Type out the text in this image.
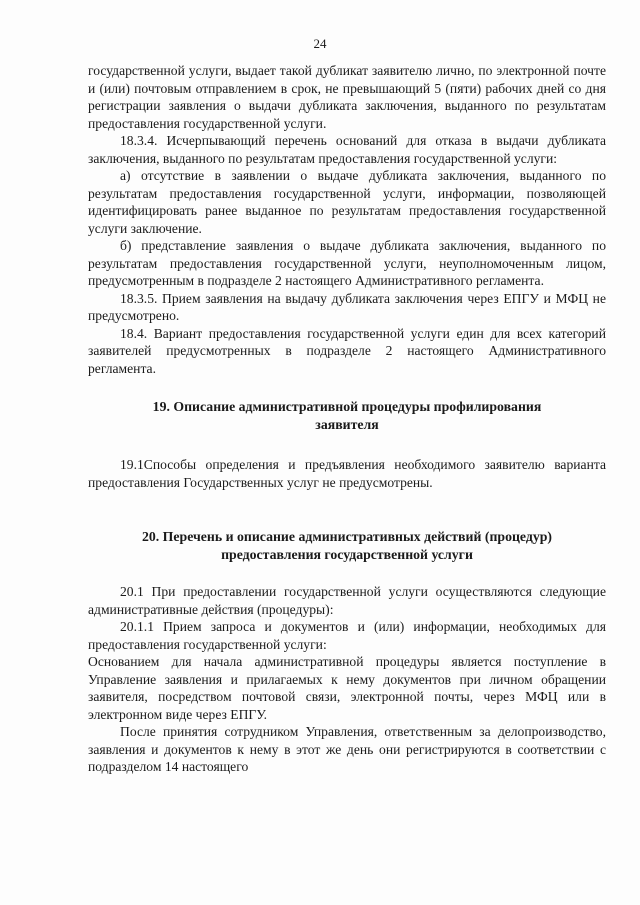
24

государственной услуги, выдает такой дубликат заявителю лично, по электронной почте и (или) почтовым отправлением в срок, не превышающий 5 (пяти) рабочих дней со дня регистрации заявления о выдачи дубликата заключения, выданного по результатам предоставления государственной услуги.

18.3.4. Исчерпывающий перечень оснований для отказа в выдачи дубликата заключения, выданного по результатам предоставления государственной услуги:

а) отсутствие в заявлении о выдаче дубликата заключения, выданного по результатам предоставления государственной услуги, информации, позволяющей идентифицировать ранее выданное по результатам предоставления государственной услуги заключение.

б) представление заявления о выдаче дубликата заключения, выданного по результатам предоставления государственной услуги, неуполномоченным лицом, предусмотренным в подразделе 2 настоящего Административного регламента.

18.3.5. Прием заявления на выдачу дубликата заключения через ЕПГУ и МФЦ не предусмотрено.

18.4. Вариант предоставления государственной услуги един для всех категорий заявителей предусмотренных в подразделе 2 настоящего Административного регламента.

19. Описание административной процедуры профилирования

заявителя

19.1Способы определения и предъявления необходимого заявителю варианта предоставления Государственных услуг не предусмотрены.

20. Перечень и описание административных действий (процедур)

предоставления государственной услуги

20.1 При предоставлении государственной услуги осуществляются следующие административные действия (процедуры):

20.1.1 Прием запроса и документов и (или) информации, необходимых для предоставления государственной услуги:

Основанием для начала административной процедуры является поступление в Управление заявления и прилагаемых к нему документов при личном обращении заявителя, посредством почтовой связи, электронной почты, через МФЦ или в электронном виде через ЕПГУ.

После принятия сотрудником Управления, ответственным за делопроизводство, заявления и документов к нему в этот же день они регистрируются в соответствии с подразделом 14 настоящего
